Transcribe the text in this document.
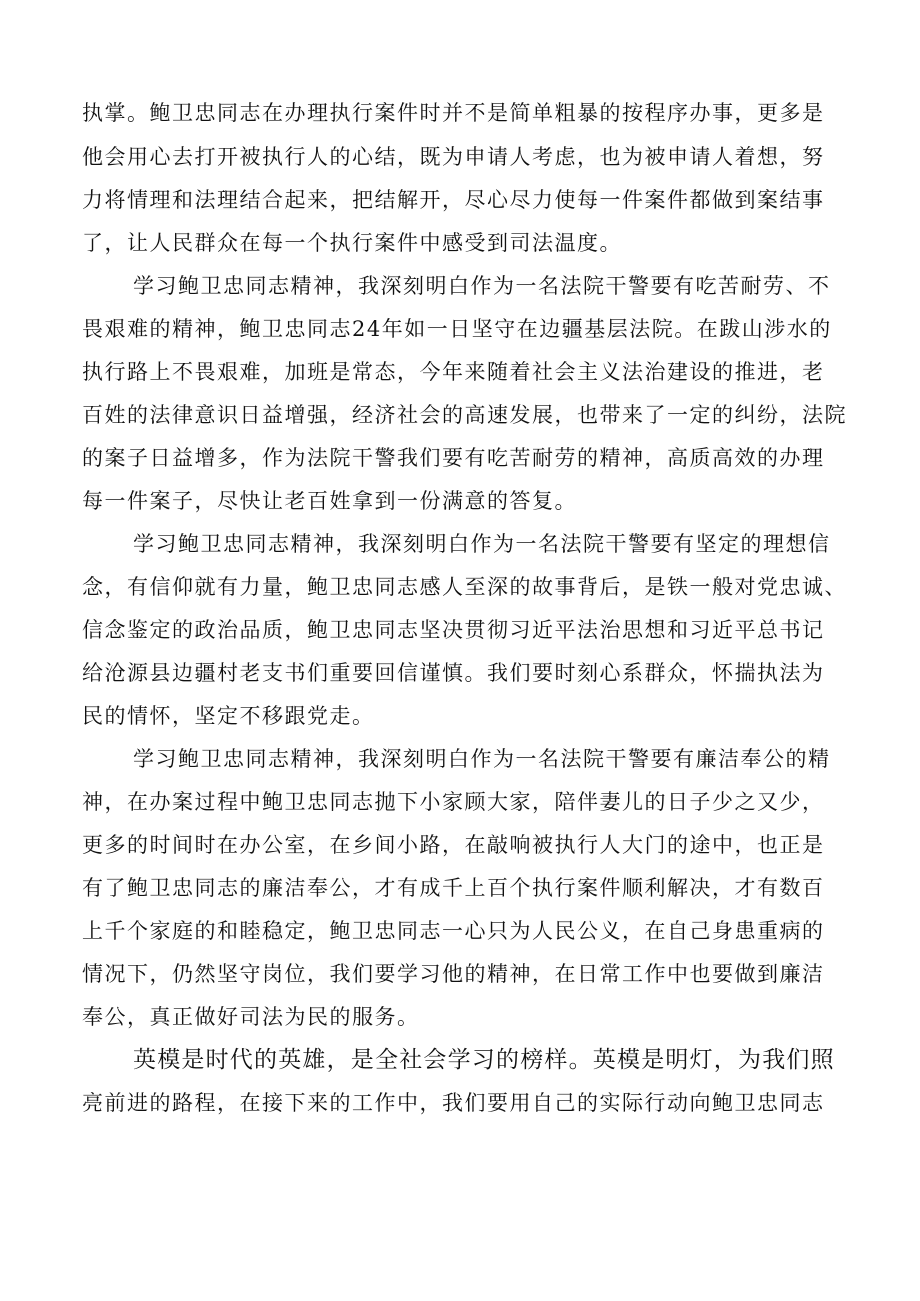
执掌。鲍卫忠同志在办理执行案件时并不是简单粗暴的按程序办事，更多是
他会用心去打开被执行人的心结，既为申请人考虑，也为被申请人着想，努
力将情理和法理结合起来，把结解开，尽心尽力使每一件案件都做到案结事
了，让人民群众在每一个执行案件中感受到司法温度。
学习鲍卫忠同志精神，我深刻明白作为一名法院干警要有吃苦耐劳、不
畏艰难的精神，鲍卫忠同志24年如一日坚守在边疆基层法院。在跋山涉水的
执行路上不畏艰难，加班是常态，今年来随着社会主义法治建设的推进，老
百姓的法律意识日益增强，经济社会的高速发展，也带来了一定的纠纷，法院
的案子日益增多，作为法院干警我们要有吃苦耐劳的精神，高质高效的办理
每一件案子，尽快让老百姓拿到一份满意的答复。
学习鲍卫忠同志精神，我深刻明白作为一名法院干警要有坚定的理想信
念，有信仰就有力量，鲍卫忠同志感人至深的故事背后，是铁一般对党忠诚、
信念鉴定的政治品质，鲍卫忠同志坚决贯彻习近平法治思想和习近平总书记
给沧源县边疆村老支书们重要回信谨慎。我们要时刻心系群众，怀揣执法为
民的情怀，坚定不移跟党走。
学习鲍卫忠同志精神，我深刻明白作为一名法院干警要有廉洁奉公的精
神，在办案过程中鲍卫忠同志抛下小家顾大家，陪伴妻儿的日子少之又少，
更多的时间时在办公室，在乡间小路，在敲响被执行人大门的途中，也正是
有了鲍卫忠同志的廉洁奉公，才有成千上百个执行案件顺利解决，才有数百
上千个家庭的和睦稳定，鲍卫忠同志一心只为人民公义，在自己身患重病的
情况下，仍然坚守岗位，我们要学习他的精神，在日常工作中也要做到廉洁
奉公，真正做好司法为民的服务。
英模是时代的英雄，是全社会学习的榜样。英模是明灯，为我们照
亮前进的路程，在接下来的工作中，我们要用自己的实际行动向鲍卫忠同志
